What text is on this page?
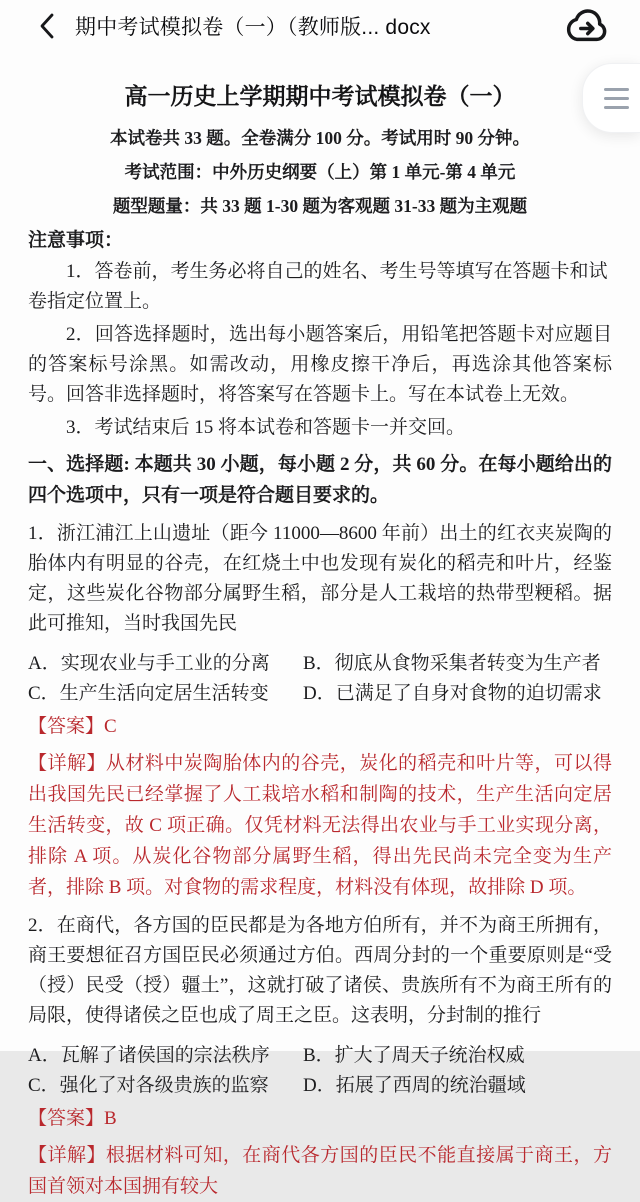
期中考试模拟卷（一）（教师版... docx
高一历史上学期期中考试模拟卷（一）

本试卷共 33 题。全卷满分 100 分。考试用时 90 分钟。

考试范围：中外历史纲要（上）第 1 单元-第 4 单元

题型题量：共 33 题 1-30 题为客观题 31-33 题为主观题

注意事项：

1．答卷前，考生务必将自己的姓名、考生号等填写在答题卡和试卷指定位置上。

2．回答选择题时，选出每小题答案后，用铅笔把答题卡对应题目的答案标号涂黑。如需改动，用橡皮擦干净后，再选涂其他答案标号。回答非选择题时，将答案写在答题卡上。写在本试卷上无效。

3．考试结束后 15 将本试卷和答题卡一并交回。

一、选择题: 本题共 30 小题，每小题 2 分，共 60 分。在每小题给出的四个选项中，只有一项是符合题目要求的。

1．浙江浦江上山遗址（距今 11000—8600 年前）出土的红衣夹炭陶的胎体内有明显的谷壳，在红烧土中也发现有炭化的稻壳和叶片，经鉴定，这些炭化谷物部分属野生稻，部分是人工栽培的热带型粳稻。据此可推知，当时我国先民

A．实现农业与手工业的分离	B．彻底从食物采集者转变为生产者
C．生产生活向定居生活转变	D．已满足了自身对食物的迫切需求

【答案】C

【详解】从材料中炭陶胎体内的谷壳，炭化的稻壳和叶片等，可以得出我国先民已经掌握了人工栽培水稻和制陶的技术，生产生活向定居生活转变，故 C 项正确。仅凭材料无法得出农业与手工业实现分离，排除 A 项。从炭化谷物部分属野生稻，得出先民尚未完全变为生产者，排除 B 项。对食物的需求程度，材料没有体现，故排除 D 项。

2．在商代，各方国的臣民都是为各地方伯所有，并不为商王所拥有，商王要想征召方国臣民必须通过方伯。西周分封的一个重要原则是“受（授）民受（授）疆土”，这就打破了诸侯、贵族所有不为商王所有的局限，使得诸侯之臣也成了周王之臣。这表明，分封制的推行

A．瓦解了诸侯国的宗法秩序	B．扩大了周天子统治权威
C．强化了对各级贵族的监察	D．拓展了西周的统治疆域

【答案】B

【详解】根据材料可知，在商代各方国的臣民不能直接属于商王，方国首领对本国拥有较大
